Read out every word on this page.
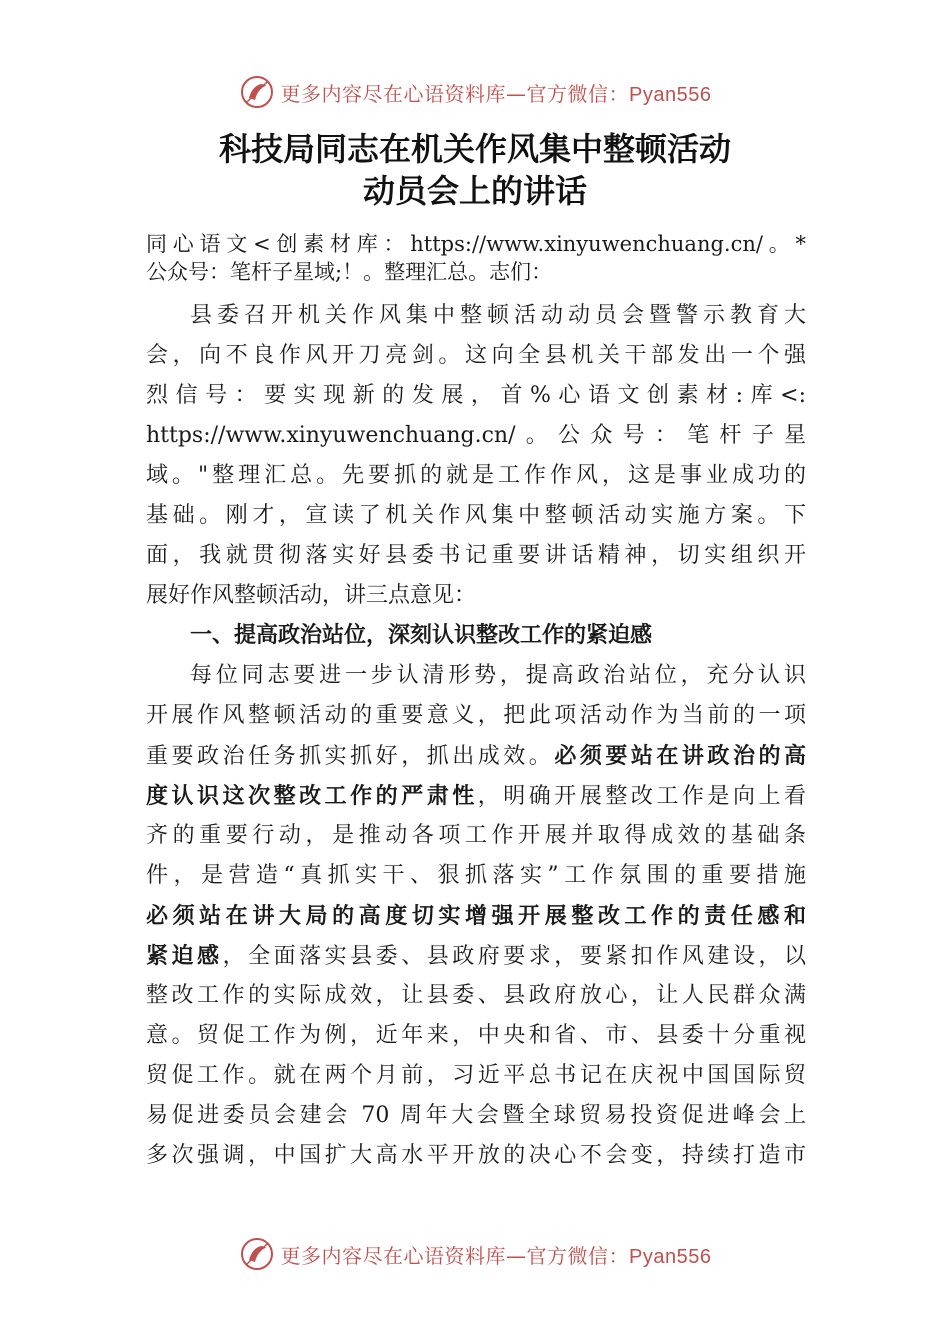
更多内容尽在心语资料库—官方微信：Pyan556
科技局同志在机关作风集中整顿活动
动员会上的讲话
同心语文<创素材库：https://www.xinyuwenchuang.cn/。*
公众号：笔杆子星域;！。整理汇总。志们：
县委召开机关作风集中整顿活动动员会暨警示教育大
会，向不良作风开刀亮剑。这向全县机关干部发出一个强
烈信号：要实现新的发展，首%心语文创素材:库<:
https://www.xinyuwenchuang.cn/。公众号：笔杆子星
域。"整理汇总。先要抓的就是工作作风，这是事业成功的
基础。刚才，宣读了机关作风集中整顿活动实施方案。下
面，我就贯彻落实好县委书记重要讲话精神，切实组织开
展好作风整顿活动，讲三点意见：
一、提高政治站位，深刻认识整改工作的紧迫感
每位同志要进一步认清形势，提高政治站位，充分认识
开展作风整顿活动的重要意义，把此项活动作为当前的一项
重要政治任务抓实抓好，抓出成效。必须要站在讲政治的高
度认识这次整改工作的严肃性，明确开展整改工作是向上看
齐的重要行动，是推动各项工作开展并取得成效的基础条
件，是营造“真抓实干、狠抓落实”工作氛围的重要措施
必须站在讲大局的高度切实增强开展整改工作的责任感和
紧迫感，全面落实县委、县政府要求，要紧扣作风建设，以
整改工作的实际成效，让县委、县政府放心，让人民群众满
意。贸促工作为例，近年来，中央和省、市、县委十分重视
贸促工作。就在两个月前，习近平总书记在庆祝中国国际贸
易促进委员会建会 70 周年大会暨全球贸易投资促进峰会上
多次强调，中国扩大高水平开放的决心不会变，持续打造市
更多内容尽在心语资料库—官方微信：Pyan556
